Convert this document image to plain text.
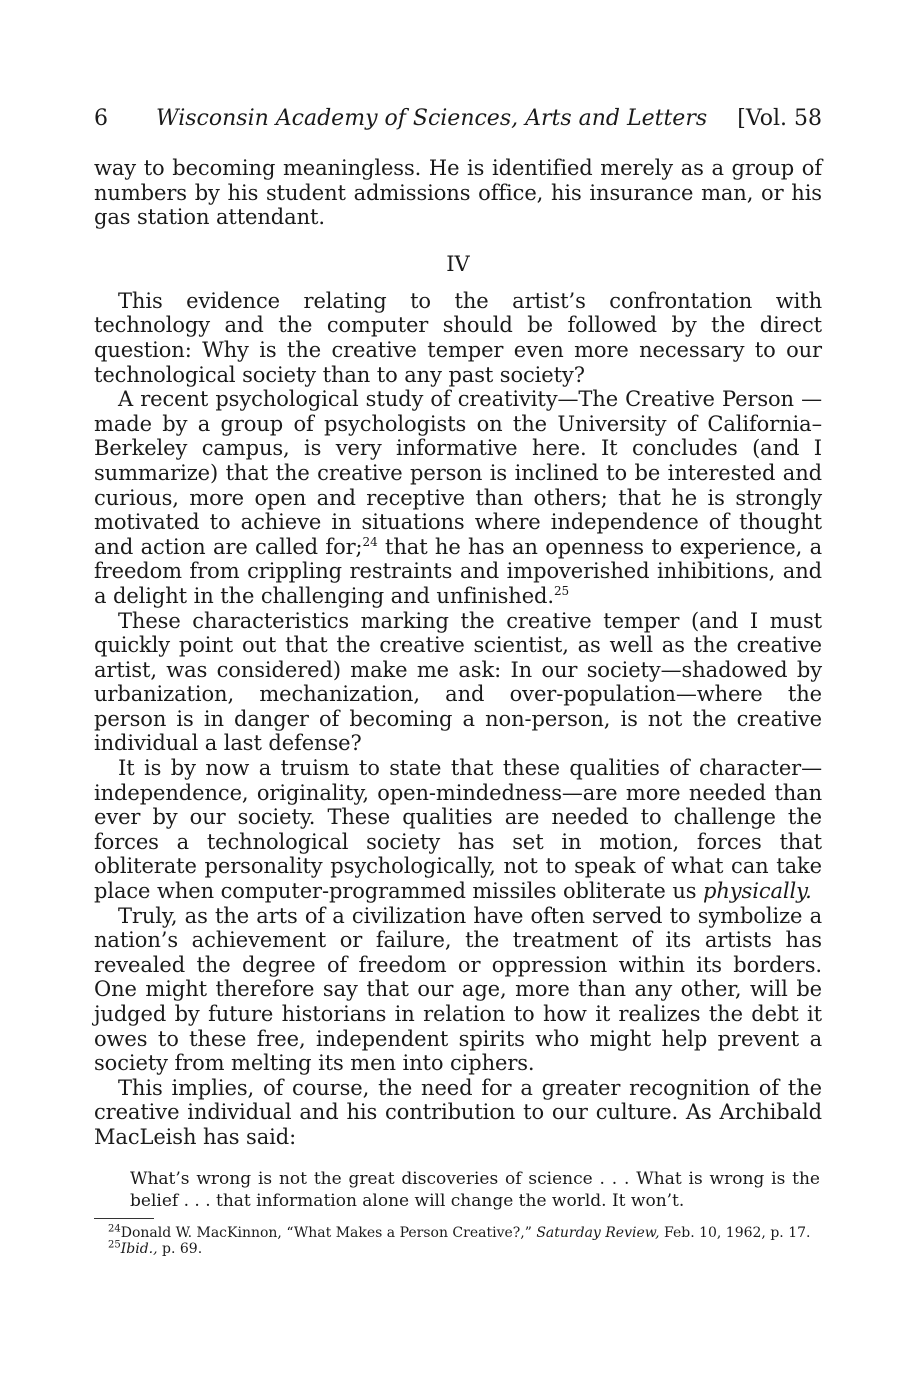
6	Wisconsin Academy of Sciences, Arts and Letters	[Vol. 58

way to becoming meaningless. He is identified merely as a group of numbers by his student admissions office, his insurance man, or his gas station attendant.

IV

This evidence relating to the artist’s confrontation with technology and the computer should be followed by the direct question: Why is the creative temper even more necessary to our technological society than to any past society?

A recent psychological study of creativity—The Creative Person —made by a group of psychologists on the University of California–Berkeley campus, is very informative here. It concludes (and I summarize) that the creative person is inclined to be interested and curious, more open and receptive than others; that he is strongly motivated to achieve in situations where independence of thought and action are called for;$^{24}$ that he has an openness to experience, a freedom from crippling restraints and impoverished inhibitions, and a delight in the challenging and unfinished.$^{25}$

These characteristics marking the creative temper (and I must quickly point out that the creative scientist, as well as the creative artist, was considered) make me ask: In our society—shadowed by urbanization, mechanization, and over-population—where the person is in danger of becoming a non-person, is not the creative individual a last defense?

It is by now a truism to state that these qualities of character—independence, originality, open-mindedness—are more needed than ever by our society. These qualities are needed to challenge the forces a technological society has set in motion, forces that obliterate personality psychologically, not to speak of what can take place when computer-programmed missiles obliterate us physically.

Truly, as the arts of a civilization have often served to symbolize a nation’s achievement or failure, the treatment of its artists has revealed the degree of freedom or oppression within its borders. One might therefore say that our age, more than any other, will be judged by future historians in relation to how it realizes the debt it owes to these free, independent spirits who might help prevent a society from melting its men into ciphers.

This implies, of course, the need for a greater recognition of the creative individual and his contribution to our culture. As Archibald MacLeish has said:

What’s wrong is not the great discoveries of science . . . What is wrong is the belief . . . that information alone will change the world. It won’t.

$^{24}$Donald W. MacKinnon, “What Makes a Person Creative?,” Saturday Review, Feb. 10, 1962, p. 17.

$^{25}$Ibid., p. 69.
